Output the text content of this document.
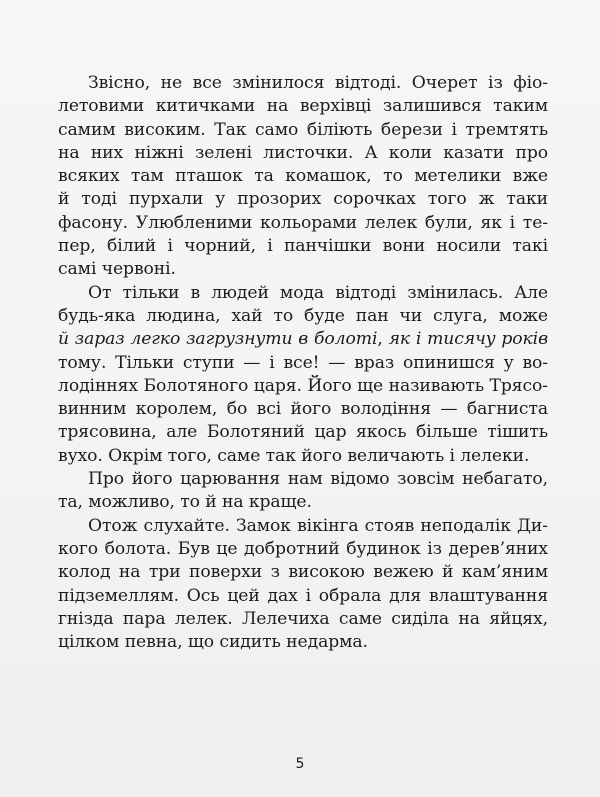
Звісно, не все змінилося відтоді. Очерет із фіо-
летовими китичками на верхівці залишився таким
самим високим. Так само біліють берези і тремтять
на них ніжні зелені листочки. А коли казати про
всяких там пташок та комашок, то метелики вже
й тоді пурхали у прозорих сорочках того ж таки
фасону. Улюбленими кольорами лелек були, як і те-
пер, білий і чорний, і панчішки вони носили такі
самі червоні.
От тільки в людей мода відтоді змінилась. Але
будь-яка людина, хай то буде пан чи слуга, може
й зараз легко загрузнути в болоті, як і тисячу років
тому. Тільки ступи — і все! — враз опинишся у во-
лодіннях Болотяного царя. Його ще називають Трясо-
винним королем, бо всі його володіння — багниста
трясовина, але Болотяний цар якось більше тішить
вухо. Окрім того, саме так його величають і лелеки.
Про його царювання нам відомо зовсім небагато,
та, можливо, то й на краще.
Отож слухайте. Замок вікінга стояв неподалік Ди-
кого болота. Був це добротний будинок із дерев’яних
колод на три поверхи з високою вежею й кам’яним
підземеллям. Ось цей дах і обрала для влаштування
гнізда пара лелек. Лелечиха саме сиділа на яйцях,
цілком певна, що сидить недарма.
5
